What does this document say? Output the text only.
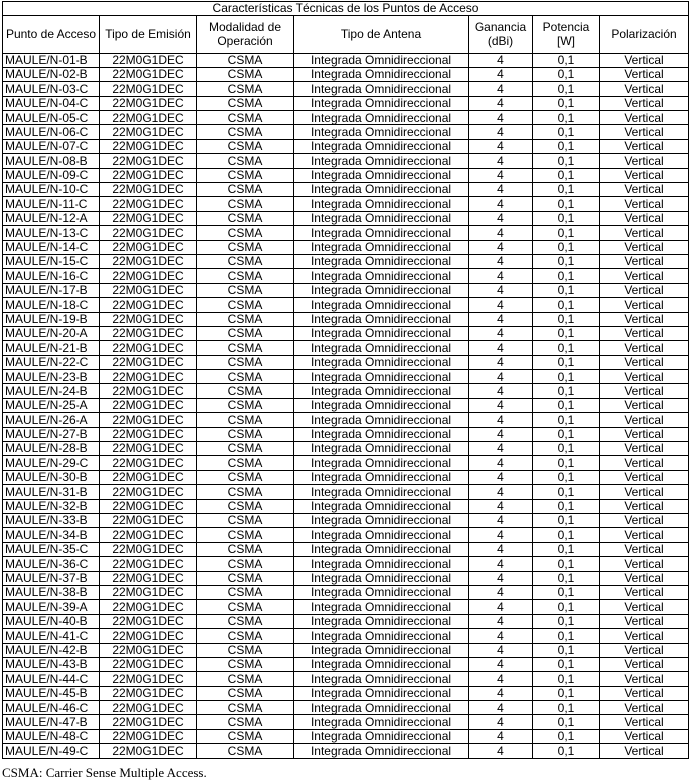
Características Técnicas de los Puntos de Acceso						
Punto de Acceso	Tipo de Emisión	Modalidad de Operación	Tipo de Antena	Ganancia (dBi)	Potencia [W]	Polarización
MAULE/N-01-B	22M0G1DEC	CSMA	Integrada Omnidireccional	4	0,1	Vertical
MAULE/N-02-B	22M0G1DEC	CSMA	Integrada Omnidireccional	4	0,1	Vertical
MAULE/N-03-C	22M0G1DEC	CSMA	Integrada Omnidireccional	4	0,1	Vertical
MAULE/N-04-C	22M0G1DEC	CSMA	Integrada Omnidireccional	4	0,1	Vertical
MAULE/N-05-C	22M0G1DEC	CSMA	Integrada Omnidireccional	4	0,1	Vertical
MAULE/N-06-C	22M0G1DEC	CSMA	Integrada Omnidireccional	4	0,1	Vertical
MAULE/N-07-C	22M0G1DEC	CSMA	Integrada Omnidireccional	4	0,1	Vertical
MAULE/N-08-B	22M0G1DEC	CSMA	Integrada Omnidireccional	4	0,1	Vertical
MAULE/N-09-C	22M0G1DEC	CSMA	Integrada Omnidireccional	4	0,1	Vertical
MAULE/N-10-C	22M0G1DEC	CSMA	Integrada Omnidireccional	4	0,1	Vertical
MAULE/N-11-C	22M0G1DEC	CSMA	Integrada Omnidireccional	4	0,1	Vertical
MAULE/N-12-A	22M0G1DEC	CSMA	Integrada Omnidireccional	4	0,1	Vertical
MAULE/N-13-C	22M0G1DEC	CSMA	Integrada Omnidireccional	4	0,1	Vertical
MAULE/N-14-C	22M0G1DEC	CSMA	Integrada Omnidireccional	4	0,1	Vertical
MAULE/N-15-C	22M0G1DEC	CSMA	Integrada Omnidireccional	4	0,1	Vertical
MAULE/N-16-C	22M0G1DEC	CSMA	Integrada Omnidireccional	4	0,1	Vertical
MAULE/N-17-B	22M0G1DEC	CSMA	Integrada Omnidireccional	4	0,1	Vertical
MAULE/N-18-C	22M0G1DEC	CSMA	Integrada Omnidireccional	4	0,1	Vertical
MAULE/N-19-B	22M0G1DEC	CSMA	Integrada Omnidireccional	4	0,1	Vertical
MAULE/N-20-A	22M0G1DEC	CSMA	Integrada Omnidireccional	4	0,1	Vertical
MAULE/N-21-B	22M0G1DEC	CSMA	Integrada Omnidireccional	4	0,1	Vertical
MAULE/N-22-C	22M0G1DEC	CSMA	Integrada Omnidireccional	4	0,1	Vertical
MAULE/N-23-B	22M0G1DEC	CSMA	Integrada Omnidireccional	4	0,1	Vertical
MAULE/N-24-B	22M0G1DEC	CSMA	Integrada Omnidireccional	4	0,1	Vertical
MAULE/N-25-A	22M0G1DEC	CSMA	Integrada Omnidireccional	4	0,1	Vertical
MAULE/N-26-A	22M0G1DEC	CSMA	Integrada Omnidireccional	4	0,1	Vertical
MAULE/N-27-B	22M0G1DEC	CSMA	Integrada Omnidireccional	4	0,1	Vertical
MAULE/N-28-B	22M0G1DEC	CSMA	Integrada Omnidireccional	4	0,1	Vertical
MAULE/N-29-C	22M0G1DEC	CSMA	Integrada Omnidireccional	4	0,1	Vertical
MAULE/N-30-B	22M0G1DEC	CSMA	Integrada Omnidireccional	4	0,1	Vertical
MAULE/N-31-B	22M0G1DEC	CSMA	Integrada Omnidireccional	4	0,1	Vertical
MAULE/N-32-B	22M0G1DEC	CSMA	Integrada Omnidireccional	4	0,1	Vertical
MAULE/N-33-B	22M0G1DEC	CSMA	Integrada Omnidireccional	4	0,1	Vertical
MAULE/N-34-B	22M0G1DEC	CSMA	Integrada Omnidireccional	4	0,1	Vertical
MAULE/N-35-C	22M0G1DEC	CSMA	Integrada Omnidireccional	4	0,1	Vertical
MAULE/N-36-C	22M0G1DEC	CSMA	Integrada Omnidireccional	4	0,1	Vertical
MAULE/N-37-B	22M0G1DEC	CSMA	Integrada Omnidireccional	4	0,1	Vertical
MAULE/N-38-B	22M0G1DEC	CSMA	Integrada Omnidireccional	4	0,1	Vertical
MAULE/N-39-A	22M0G1DEC	CSMA	Integrada Omnidireccional	4	0,1	Vertical
MAULE/N-40-B	22M0G1DEC	CSMA	Integrada Omnidireccional	4	0,1	Vertical
MAULE/N-41-C	22M0G1DEC	CSMA	Integrada Omnidireccional	4	0,1	Vertical
MAULE/N-42-B	22M0G1DEC	CSMA	Integrada Omnidireccional	4	0,1	Vertical
MAULE/N-43-B	22M0G1DEC	CSMA	Integrada Omnidireccional	4	0,1	Vertical
MAULE/N-44-C	22M0G1DEC	CSMA	Integrada Omnidireccional	4	0,1	Vertical
MAULE/N-45-B	22M0G1DEC	CSMA	Integrada Omnidireccional	4	0,1	Vertical
MAULE/N-46-C	22M0G1DEC	CSMA	Integrada Omnidireccional	4	0,1	Vertical
MAULE/N-47-B	22M0G1DEC	CSMA	Integrada Omnidireccional	4	0,1	Vertical
MAULE/N-48-C	22M0G1DEC	CSMA	Integrada Omnidireccional	4	0,1	Vertical
MAULE/N-49-C	22M0G1DEC	CSMA	Integrada Omnidireccional	4	0,1	Vertical
CSMA: Carrier Sense Multiple Access.
